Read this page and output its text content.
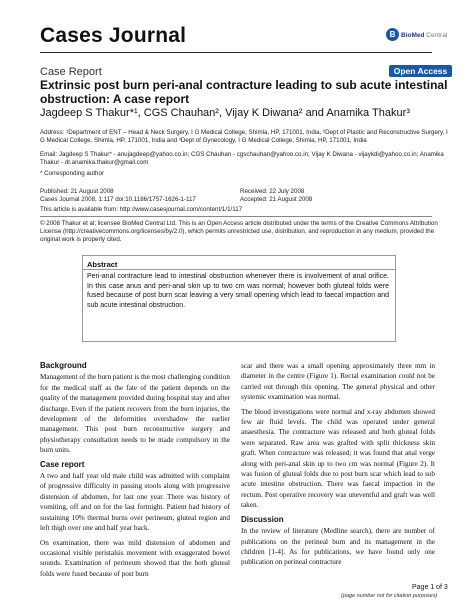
Cases Journal	B BioMed Central
Case Report	Open Access
Extrinsic post burn peri-anal contracture leading to sub acute intestinal obstruction: A case report
Jagdeep S Thakur*¹, CGS Chauhan², Vijay K Diwana² and Anamika Thakur³
Address: ¹Department of ENT – Head & Neck Surgery, I G Medical College, Shimla, HP, 171001, India, ²Dept of Plastic and Reconstructive Surgery, I G Medical College, Shimla, HP, 171001, India and ³Dept of Gynecology, I G Medical College, Shimla, HP, 171001, India
Email: Jagdeep S Thakur* - anujagdeep@yahoo.co.in; CGS Chauhan - cgschauhan@yahoo.co.in; Vijay K Diwana - vijaykdi@yahoo.co.in; Anamika Thakur - dr.anamika.thakur@gmail.com
* Corresponding author
Published: 21 August 2008
Cases Journal 2008, 1:117 doi:10.1186/1757-1626-1-117
Received: 22 July 2008
Accepted: 21 August 2008
This article is available from: http://www.casesjournal.com/content/1/1/117
© 2008 Thakur et al; licensee BioMed Central Ltd. This is an Open Access article distributed under the terms of the Creative Commons Attribution License (http://creativecommons.org/licenses/by/2.0), which permits unrestricted use, distribution, and reproduction in any medium, provided the original work is properly cited.
Abstract
Peri-anal contracture lead to intestinal obstruction whenever there is involvement of anal orifice. In this case anus and peri-anal skin up to two cm was normal; however both gluteal folds were fused because of post burn scar leaving a very small opening which lead to faecal impaction and sub acute intestinal obstruction.
Background

Management of the burn patient is the most challenging condition for the medical staff as the fate of the patient depends on the quality of the management provided during hospital stay and after discharge. Even if the patient recovers from the burn injuries, the development of the deformities overshadow the earlier management. This post burn reconstructive surgery and physiotherapy consultation needs to be made compulsory in the burn units.

Case report

A two and half year old male child was admitted with complaint of progressive difficulty in passing stools along with progressive distension of abdomen, for last one year. There was history of vomiting, off and on for the last fortnight. Patient had history of sustaining 10% thermal burns over perineum, gluteal region and left thigh over one and half year back.

On examination, there was mild distension of abdomen and occasional visible peristalsis movement with exaggerated bowel sounds. Examination of perineum showed that the both gluteal folds were fused because of post burn

scar and there was a small opening approximately three mm in diameter in the centre (Figure 1). Rectal examination could not be carried out through this opening. The general physical and other systemic examination was normal.

The blood investigations were normal and x-ray abdomen showed few air fluid levels. The child was operated under general anaesthesia. The contracture was released and both gluteal folds were separated. Raw area was grafted with split thickness skin graft. When contracture was released; it was found that anal verge along with peri-anal skin up to two cm was normal (Figure 2). It was fusion of gluteal folds due to post burn scar which lead to sub acute intestine obstruction. There was faecal impaction in the rectum. Post operative recovery was uneventful and graft was well taken.

Discussion

In the review of literature (Medline search), there are number of publications on the perineal burn and its management in the children [1-4]. As for publications, we have found only one publication on perineal contracture

Page 1 of 3
(page number not for citation purposes)
